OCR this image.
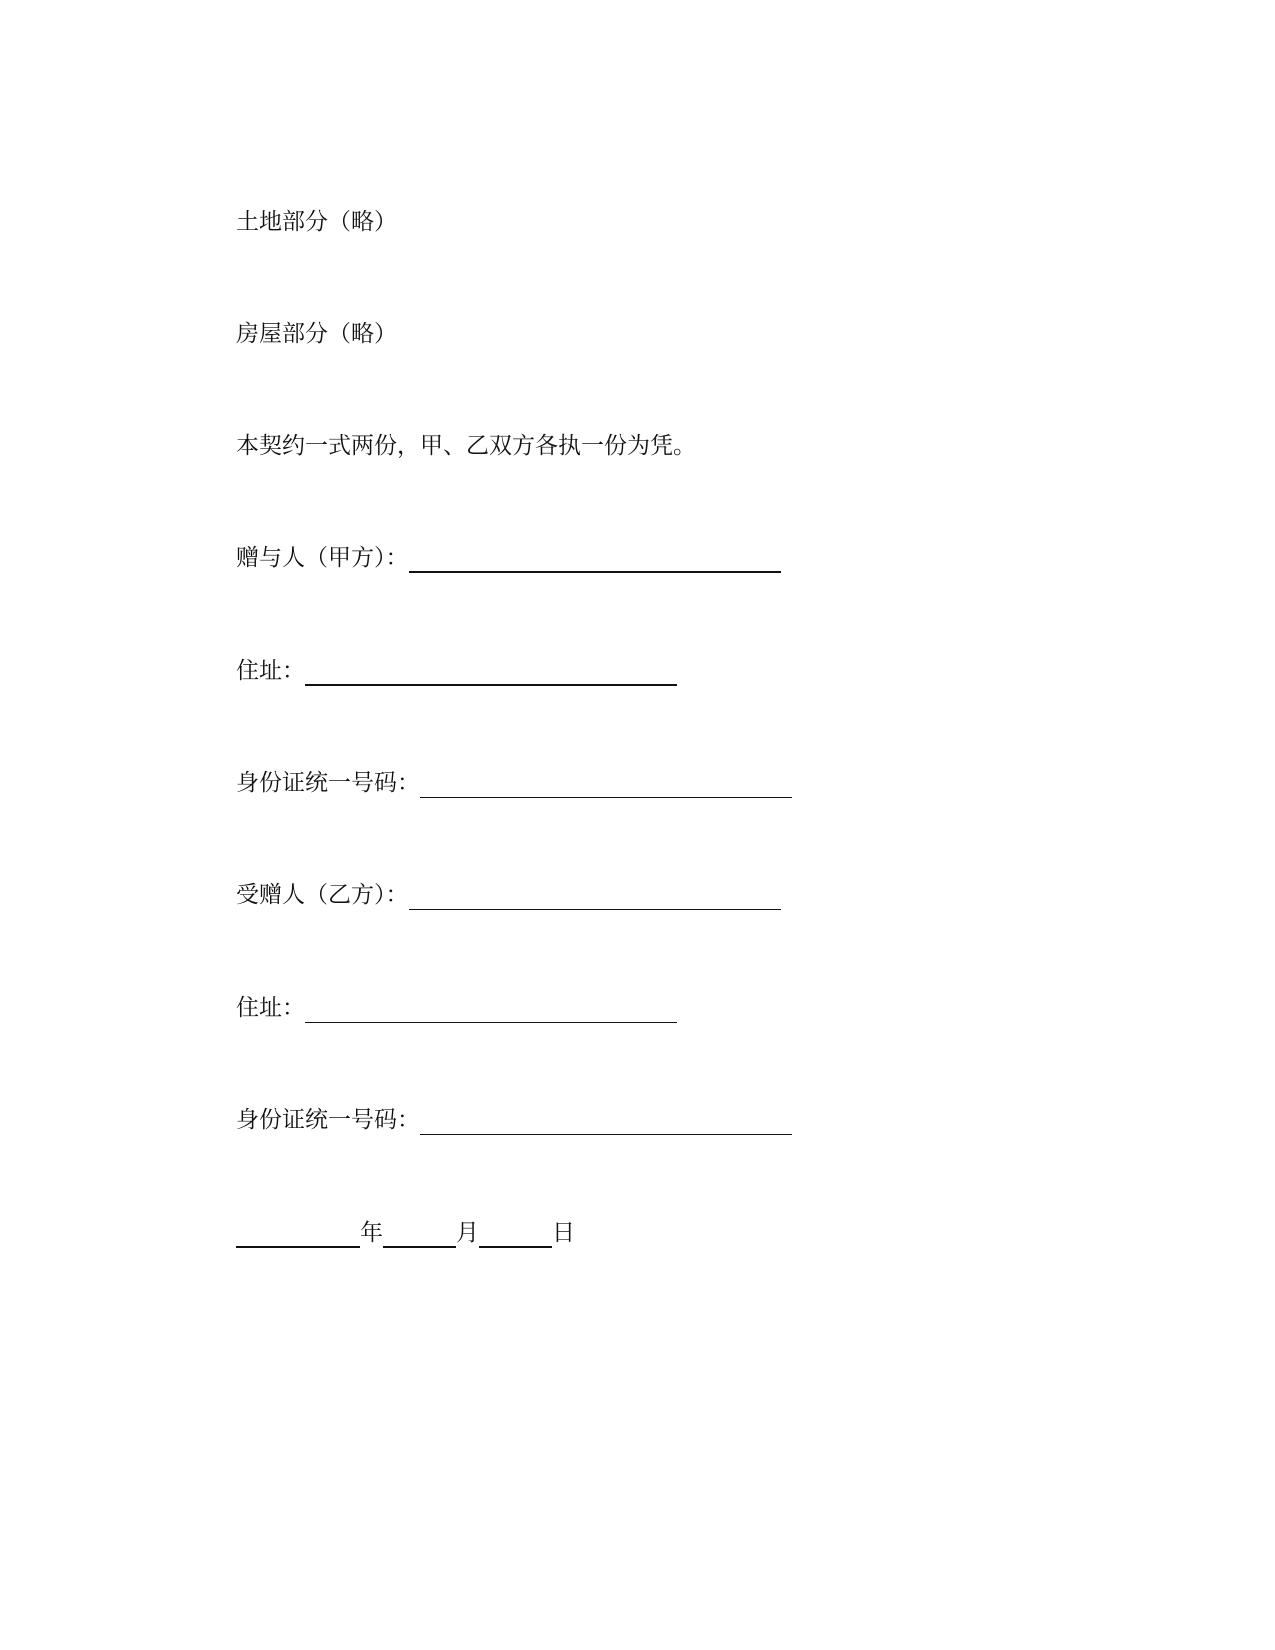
土地部分（略）
房屋部分（略）
本契约一式两份，甲、乙双方各执一份为凭。
赠与人（甲方）：
住址：
身份证统一号码：
受赠人（乙方）：
住址：
身份证统一号码：
年	月	日
